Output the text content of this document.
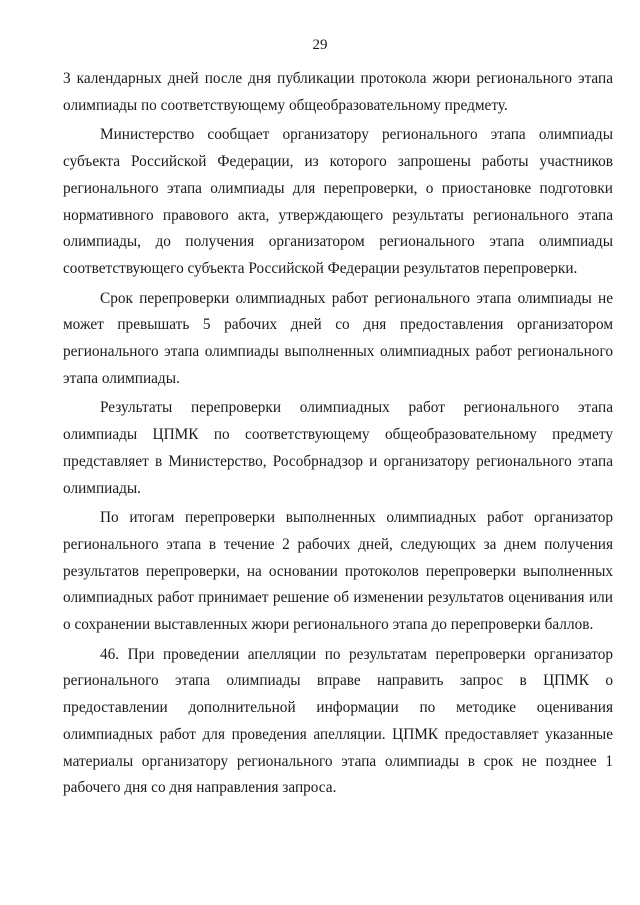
29

3 календарных дней после дня публикации протокола жюри регионального этапа олимпиады по соответствующему общеобразовательному предмету.

Министерство сообщает организатору регионального этапа олимпиады субъекта Российской Федерации, из которого запрошены работы участников регионального этапа олимпиады для перепроверки, о приостановке подготовки нормативного правового акта, утверждающего результаты регионального этапа олимпиады, до получения организатором регионального этапа олимпиады соответствующего субъекта Российской Федерации результатов перепроверки.

Срок перепроверки олимпиадных работ регионального этапа олимпиады не может превышать 5 рабочих дней со дня предоставления организатором регионального этапа олимпиады выполненных олимпиадных работ регионального этапа олимпиады.

Результаты перепроверки олимпиадных работ регионального этапа олимпиады ЦПМК по соответствующему общеобразовательному предмету представляет в Министерство, Рособрнадзор и организатору регионального этапа олимпиады.

По итогам перепроверки выполненных олимпиадных работ организатор регионального этапа в течение 2 рабочих дней, следующих за днем получения результатов перепроверки, на основании протоколов перепроверки выполненных олимпиадных работ принимает решение об изменении результатов оценивания или о сохранении выставленных жюри регионального этапа до перепроверки баллов.

46. При проведении апелляции по результатам перепроверки организатор регионального этапа олимпиады вправе направить запрос в ЦПМК о предоставлении дополнительной информации по методике оценивания олимпиадных работ для проведения апелляции. ЦПМК предоставляет указанные материалы организатору регионального этапа олимпиады в срок не позднее 1 рабочего дня со дня направления запроса.
